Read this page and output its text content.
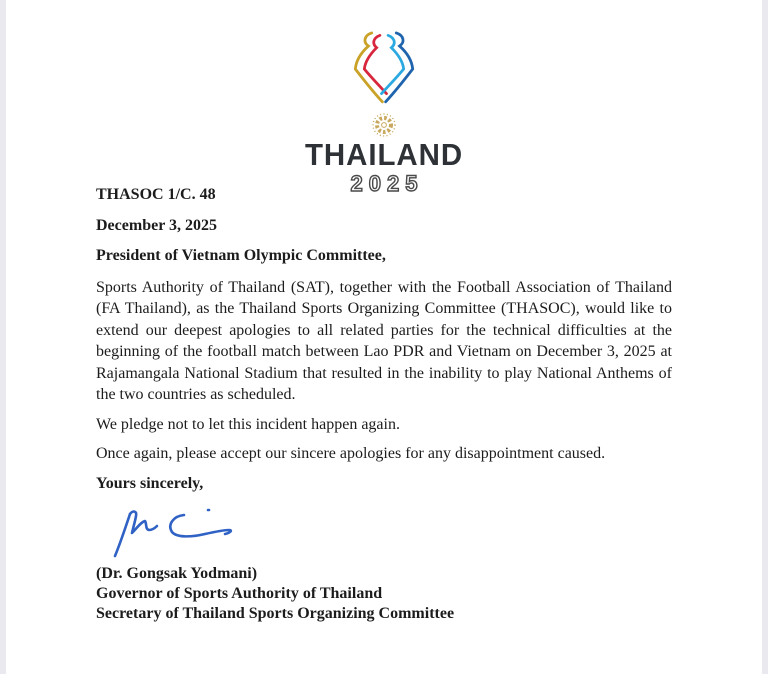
THAILAND
2025

THASOC 1/C. 48

December 3, 2025

President of Vietnam Olympic Committee,

Sports Authority of Thailand (SAT), together with the Football Association of Thailand (FA Thailand), as the Thailand Sports Organizing Committee (THASOC), would like to extend our deepest apologies to all related parties for the technical difficulties at the beginning of the football match between Lao PDR and Vietnam on December 3, 2025 at Rajamangala National Stadium that resulted in the inability to play National Anthems of the two countries as scheduled.

We pledge not to let this incident happen again.

Once again, please accept our sincere apologies for any disappointment caused.

Yours sincerely,

(Dr. Gongsak Yodmani)

Governor of Sports Authority of Thailand

Secretary of Thailand Sports Organizing Committee
